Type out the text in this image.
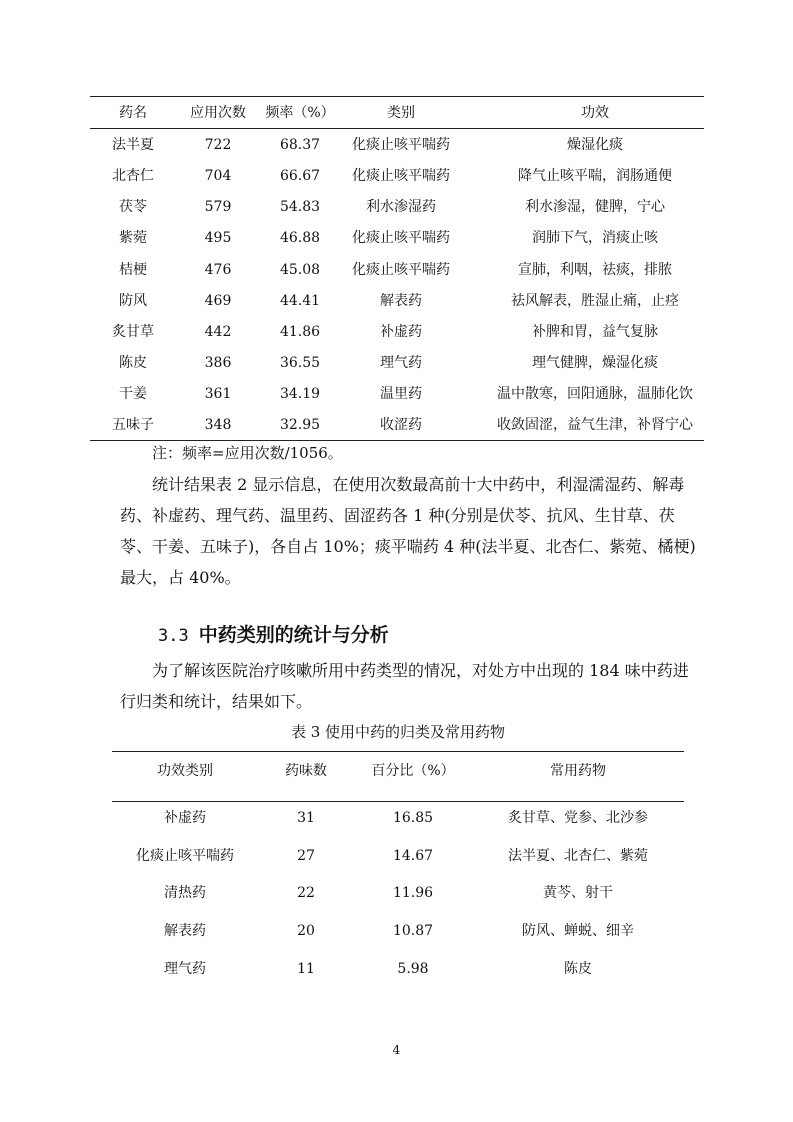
药名	应用次数	频率（%）	类别	功效
法半夏	722	68.37	化痰止咳平喘药	燥湿化痰
北杏仁	704	66.67	化痰止咳平喘药	降气止咳平喘，润肠通便
茯苓	579	54.83	利水渗湿药	利水渗湿，健脾，宁心
紫菀	495	46.88	化痰止咳平喘药	润肺下气，消痰止咳
桔梗	476	45.08	化痰止咳平喘药	宣肺，利咽，祛痰，排脓
防风	469	44.41	解表药	祛风解表，胜湿止痛，止痉
炙甘草	442	41.86	补虚药	补脾和胃，益气复脉
陈皮	386	36.55	理气药	理气健脾，燥湿化痰
干姜	361	34.19	温里药	温中散寒，回阳通脉，温肺化饮
五味子	348	32.95	收涩药	收敛固涩，益气生津，补肾宁心
注：频率=应用次数/1056。
统计结果表 2 显示信息，在使用次数最高前十大中药中，利湿濡湿药、解毒
药、补虚药、理气药、温里药、固涩药各 1 种(分别是伏苓、抗风、生甘草、茯
苓、干姜、五味子)，各自占 10%；痰平喘药 4 种(法半夏、北杏仁、紫菀、橘梗)
最大，占 40%。
3.3 中药类别的统计与分析
为了解该医院治疗咳嗽所用中药类型的情况，对处方中出现的 184 味中药进
行归类和统计，结果如下。
表 3 使用中药的归类及常用药物
功效类别	药味数	百分比（%）	常用药物
补虚药	31	16.85	炙甘草、党参、北沙参
化痰止咳平喘药	27	14.67	法半夏、北杏仁、紫菀
清热药	22	11.96	黄芩、射干
解表药	20	10.87	防风、蝉蜕、细辛
理气药	11	5.98	陈皮
4
